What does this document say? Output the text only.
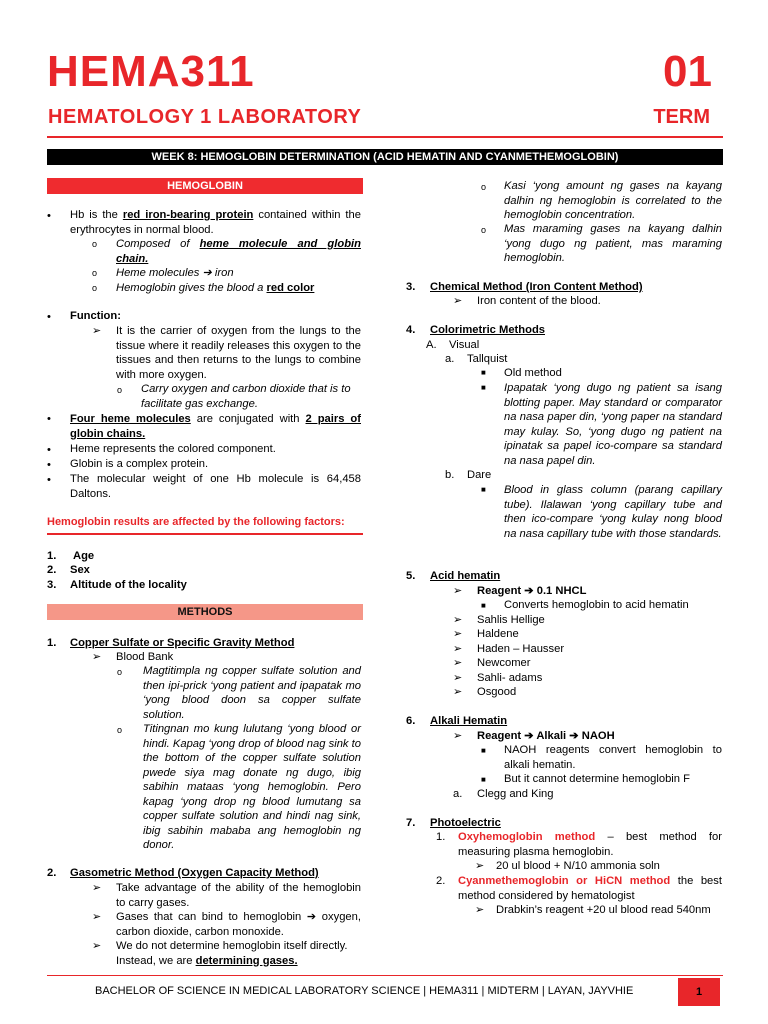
HEMA311	01
HEMATOLOGY 1 LABORATORY	TERM
WEEK 8: HEMOGLOBIN DETERMINATION (ACID HEMATIN AND CYANMETHEMOGLOBIN)
HEMOGLOBIN
• Hb is the red iron-bearing protein contained within the erythrocytes in normal blood.
o Composed of heme molecule and globin chain.
o Heme molecules ➔ iron
o Hemoglobin gives the blood a red color
• Function:
➢ It is the carrier of oxygen from the lungs to the tissue where it readily releases this oxygen to the tissues and then returns to the lungs to combine with more oxygen.
o Carry oxygen and carbon dioxide that is to facilitate gas exchange.
• Four heme molecules are conjugated with 2 pairs of globin chains.
• Heme represents the colored component.
• Globin is a complex protein.
• The molecular weight of one Hb molecule is 64,458 Daltons.
Hemoglobin results are affected by the following factors:
1. Age
2. Sex
3. Altitude of the locality
METHODS
1. Copper Sulfate or Specific Gravity Method
➢ Blood Bank
o Magtitimpla ng copper sulfate solution and then ipi-prick ‘yong patient and ipapatak mo ‘yong blood doon sa copper sulfate solution.
o Titingnan mo kung lulutang ‘yong blood or hindi. Kapag ‘yong drop of blood nag sink to the bottom of the copper sulfate solution pwede siya mag donate ng dugo, ibig sabihin mataas ‘yong hemoglobin. Pero kapag ‘yong drop ng blood lumutang sa copper sulfate solution and hindi nag sink, ibig sabihin mababa ang hemoglobin ng donor.
2. Gasometric Method (Oxygen Capacity Method)
➢ Take advantage of the ability of the hemoglobin to carry gases.
➢ Gases that can bind to hemoglobin ➔ oxygen, carbon dioxide, carbon monoxide.
➢ We do not determine hemoglobin itself directly. Instead, we are determining gases.
o Kasi ‘yong amount ng gases na kayang dalhin ng hemoglobin is correlated to the hemoglobin concentration.
o Mas maraming gases na kayang dalhin ‘yong dugo ng patient, mas maraming hemoglobin.
3. Chemical Method (Iron Content Method)
➢ Iron content of the blood.
4. Colorimetric Methods
A. Visual
a. Tallquist
■ Old method
■ Ipapatak ‘yong dugo ng patient sa isang blotting paper. May standard or comparator na nasa paper din, ‘yong paper na standard may kulay. So, ‘yong dugo ng patient na ipinatak sa papel ico-compare sa standard na nasa papel din.
b. Dare
■ Blood in glass column (parang capillary tube). Ilalawan ‘yong capillary tube and then ico-compare ‘yong kulay nong blood na nasa capillary tube with those standards.
5. Acid hematin
➢ Reagent ➔ 0.1 NHCL
■ Converts hemoglobin to acid hematin
➢ Sahlis Hellige
➢ Haldene
➢ Haden – Hausser
➢ Newcomer
➢ Sahli- adams
➢ Osgood
6. Alkali Hematin
➢ Reagent ➔ Alkali ➔ NAOH
■ NAOH reagents convert hemoglobin to alkali hematin.
■ But it cannot determine hemoglobin F
a. Clegg and King
7. Photoelectric
1. Oxyhemoglobin method – best method for measuring plasma hemoglobin.
➢ 20 ul blood + N/10 ammonia soln
2. Cyanmethemoglobin or HiCN method the best method considered by hematologist
➢ Drabkin’s reagent +20 ul blood read 540nm
BACHELOR OF SCIENCE IN MEDICAL LABORATORY SCIENCE | HEMA311 | MIDTERM | LAYAN, JAYVHIE	1
